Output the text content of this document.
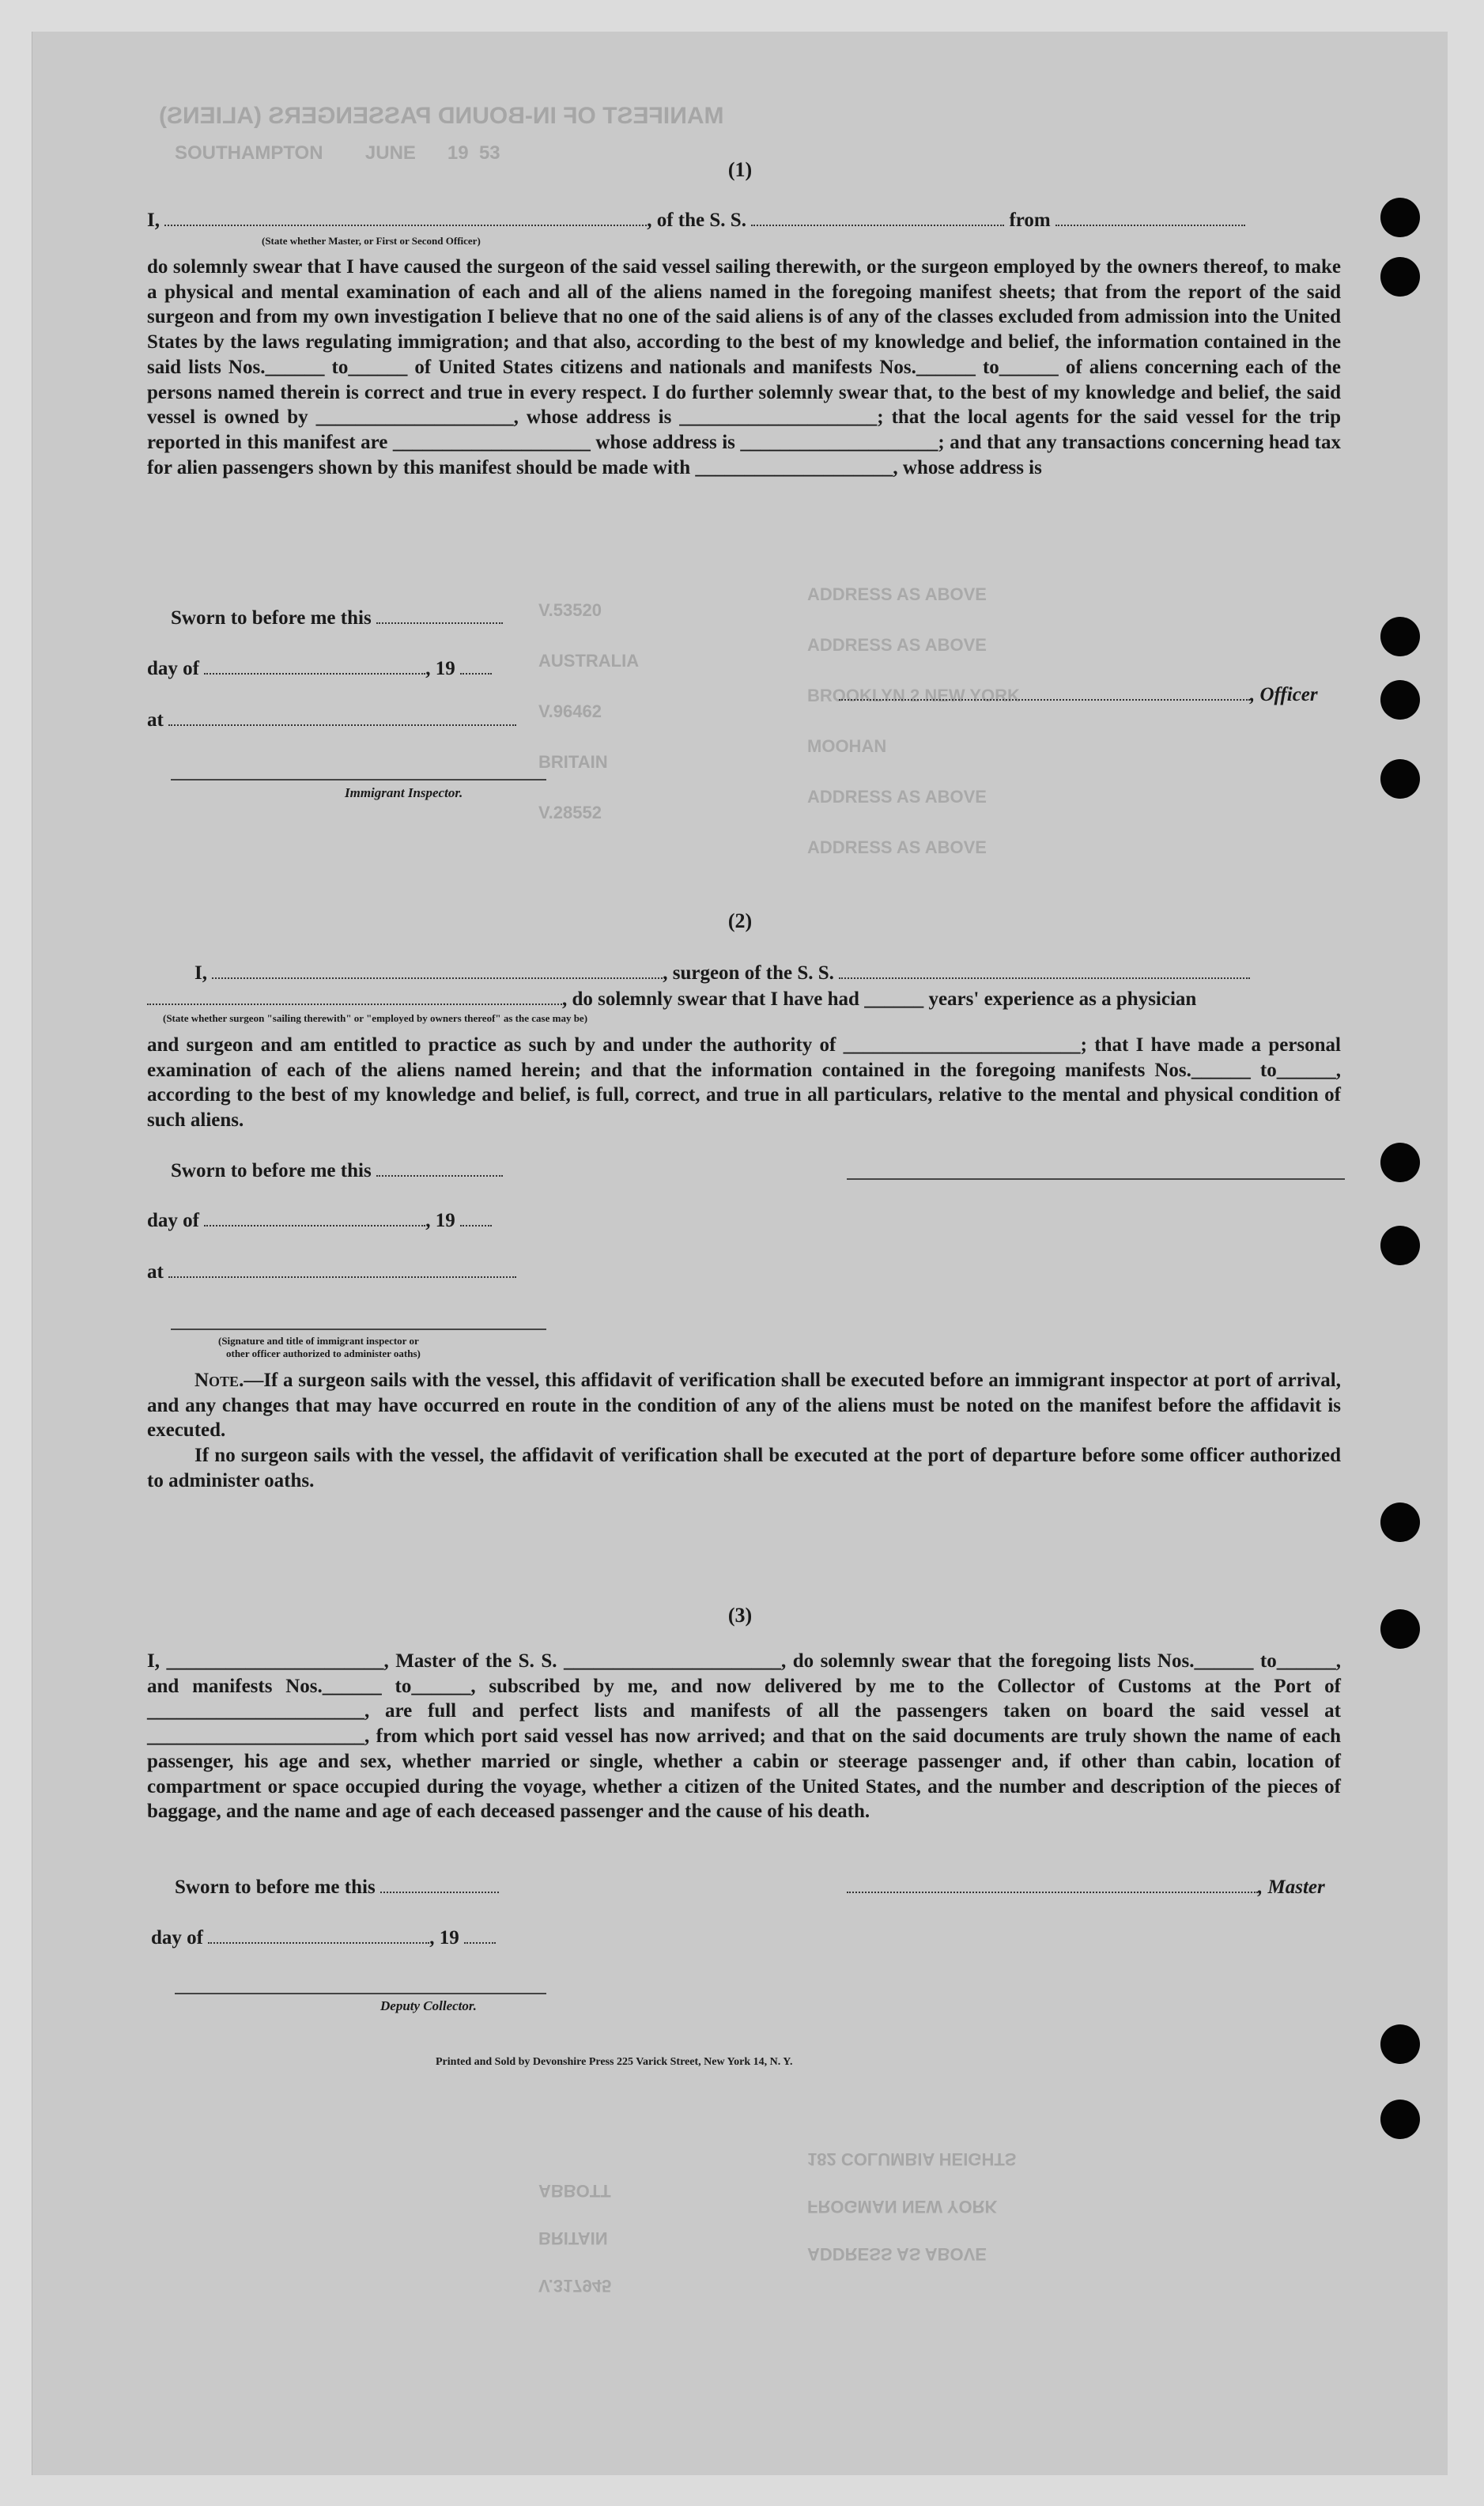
MANIFEST OF IN-BOUND PASSENGERS (ALIENS)
SOUTHAMPTON        JUNE      19  53
ADDRESS AS ABOVE
ADDRESS AS ABOVE
BROOKLYN 2 NEW YORK
MOOHAN
ADDRESS AS ABOVE
ADDRESS AS ABOVE
V.53520
AUSTRALIA
V.96462
BRITAIN
V.28552
(1)
I,	, of the S. S.	from
(State whether Master, or First or Second Officer)
do solemnly swear that I have caused the surgeon of the said vessel sailing therewith, or the surgeon employed by the owners thereof, to make a physical and mental examination of each and all of the aliens named in the foregoing manifest sheets; that from the report of the said surgeon and from my own investigation I believe that no one of the said aliens is of any of the classes excluded from admission into the United States by the laws regulating immigration; and that also, according to the best of my knowledge and belief, the information contained in the said lists Nos.______ to______ of United States citizens and nationals and manifests Nos.______ to______ of aliens concerning each of the persons named therein is correct and true in every respect. I do further solemnly swear that, to the best of my knowledge and belief, the said vessel is owned by ____________________, whose address is ____________________; that the local agents for the said vessel for the trip reported in this manifest are ____________________ whose address is ____________________; and that any transactions concerning head tax for alien passengers shown by this manifest should be made with ____________________, whose address is
Sworn to before me this
day of	, 19
at
, Officer
Immigrant Inspector.
(2)
I,	, surgeon of the S. S.
, do solemnly swear that I have had ______ years' experience as a physician
(State whether surgeon "sailing therewith" or "employed by owners thereof" as the case may be)
and surgeon and am entitled to practice as such by and under the authority of ________________________; that I have made a personal examination of each of the aliens named herein; and that the information contained in the foregoing manifests Nos.______ to______, according to the best of my knowledge and belief, is full, correct, and true in all particulars, relative to the mental and physical condition of such aliens.
Sworn to before me this
day of	, 19
at
(Signature and title of immigrant inspector or
other officer authorized to administer oaths)
Note.—If a surgeon sails with the vessel, this affidavit of verification shall be executed before an immigrant inspector at port of arrival, and any changes that may have occurred en route in the condition of any of the aliens must be noted on the manifest before the affidavit is executed.
If no surgeon sails with the vessel, the affidavit of verification shall be executed at the port of departure before some officer authorized to administer oaths.
(3)
I, ______________________, Master of the S. S. ______________________, do solemnly swear that the foregoing lists Nos.______ to______, and manifests Nos.______ to______, subscribed by me, and now delivered by me to the Collector of Customs at the Port of ______________________, are full and perfect lists and manifests of all the passengers taken on board the said vessel at ______________________, from which port said vessel has now arrived; and that on the said documents are truly shown the name of each passenger, his age and sex, whether married or single, whether a cabin or steerage passenger and, if other than cabin, location of compartment or space occupied during the voyage, whether a citizen of the United States, and the number and description of the pieces of baggage, and the name and age of each deceased passenger and the cause of his death.
Sworn to before me this	, Master
day of	, 19
Deputy Collector.
Printed and Sold by Devonshire Press 225 Varick Street, New York 14, N. Y.
V.317945
BRITAIN
ABBOTT
ADDRESS AS ABOVE
FROGMAN NEW YORK
182 COLUMBIA HEIGHTS
